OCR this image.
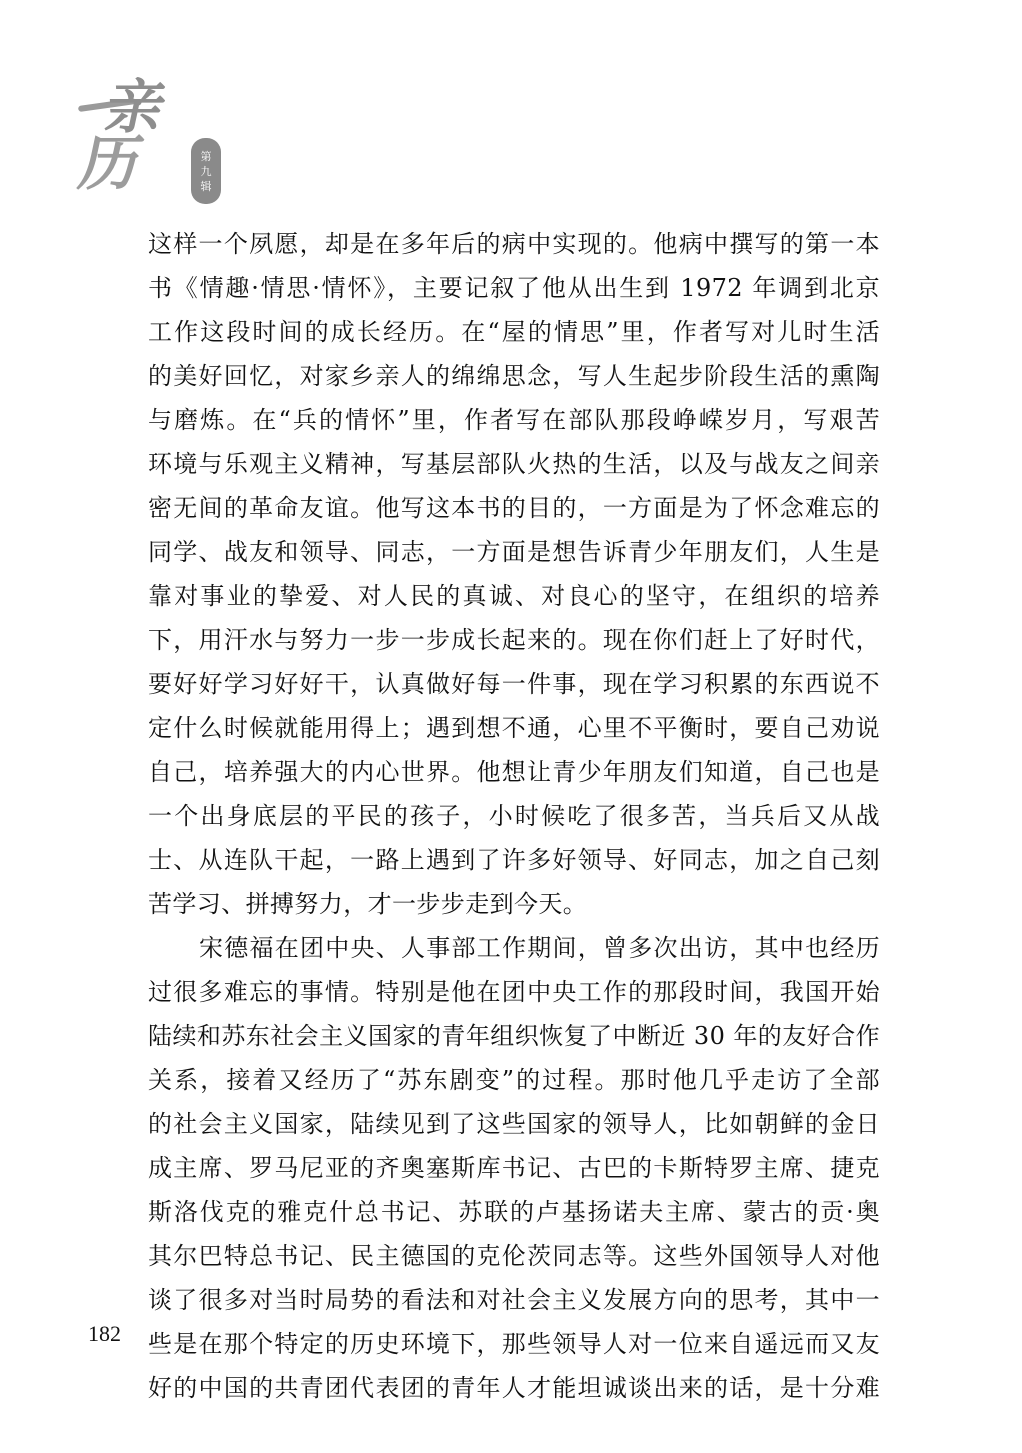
亲
历	第
九
辑
这样一个夙愿，却是在多年后的病中实现的。他病中撰写的第一本
书《情趣·情思·情怀》，主要记叙了他从出生到 1972 年调到北京
工作这段时间的成长经历。在“屋的情思”里，作者写对儿时生活
的美好回忆，对家乡亲人的绵绵思念，写人生起步阶段生活的熏陶
与磨炼。在“兵的情怀”里，作者写在部队那段峥嵘岁月，写艰苦
环境与乐观主义精神，写基层部队火热的生活，以及与战友之间亲
密无间的革命友谊。他写这本书的目的，一方面是为了怀念难忘的
同学、战友和领导、同志，一方面是想告诉青少年朋友们，人生是
靠对事业的挚爱、对人民的真诚、对良心的坚守，在组织的培养
下，用汗水与努力一步一步成长起来的。现在你们赶上了好时代，
要好好学习好好干，认真做好每一件事，现在学习积累的东西说不
定什么时候就能用得上；遇到想不通，心里不平衡时，要自己劝说
自己，培养强大的内心世界。他想让青少年朋友们知道，自己也是
一个出身底层的平民的孩子，小时候吃了很多苦，当兵后又从战
士、从连队干起，一路上遇到了许多好领导、好同志，加之自己刻
苦学习、拼搏努力，才一步步走到今天。
宋德福在团中央、人事部工作期间，曾多次出访，其中也经历
过很多难忘的事情。特别是他在团中央工作的那段时间，我国开始
陆续和苏东社会主义国家的青年组织恢复了中断近 30 年的友好合作
关系，接着又经历了“苏东剧变”的过程。那时他几乎走访了全部
的社会主义国家，陆续见到了这些国家的领导人，比如朝鲜的金日
成主席、罗马尼亚的齐奥塞斯库书记、古巴的卡斯特罗主席、捷克
斯洛伐克的雅克什总书记、苏联的卢基扬诺夫主席、蒙古的贡·奥
其尔巴特总书记、民主德国的克伦茨同志等。这些外国领导人对他
谈了很多对当时局势的看法和对社会主义发展方向的思考，其中一
些是在那个特定的历史环境下，那些领导人对一位来自遥远而又友
好的中国的共青团代表团的青年人才能坦诚谈出来的话，是十分难
182
